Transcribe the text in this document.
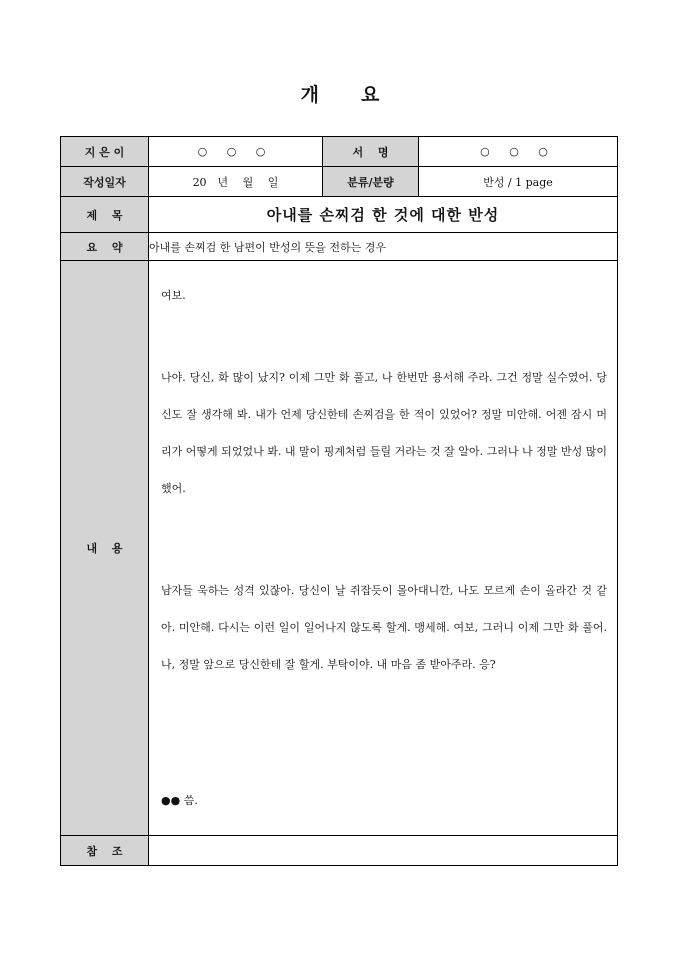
개 요
지 은 이	○ ○ ○	서　 명	○ ○ ○
작성일자	20　년　 월　 일	분류/분량	반성 / 1 page
제　 목	아내를 손찌검 한 것에 대한 반성		
요　 약	아내를 손찌검 한 남편이 반성의 뜻을 전하는 경우		
내　 용	여보.
나야. 당신, 화 많이 났지? 이제 그만 화 풀고, 나 한번만 용서해 주라. 그건 정말 실수였어. 당신도 잘 생각해 봐. 내가 언제 당신한테 손찌검을 한 적이 있었어? 정말 미안해. 어젠 잠시 머리가 어떻게 되었었나 봐. 내 말이 핑계처럼 들릴 거라는 것 잘 알아. 그러나 나 정말 반성 많이 했어.
남자들 욱하는 성격 있잖아. 당신이 날 쥐잡듯이 몰아대니깐, 나도 모르게 손이 올라간 것 같아. 미안해. 다시는 이런 일이 일어나지 않도록 할게. 맹세해. 여보, 그러니 이제 그만 화 풀어. 나, 정말 앞으로 당신한테 잘 할게. 부탁이야. 내 마음 좀 받아주라. 응?
●● 씀.		

참　 조			
